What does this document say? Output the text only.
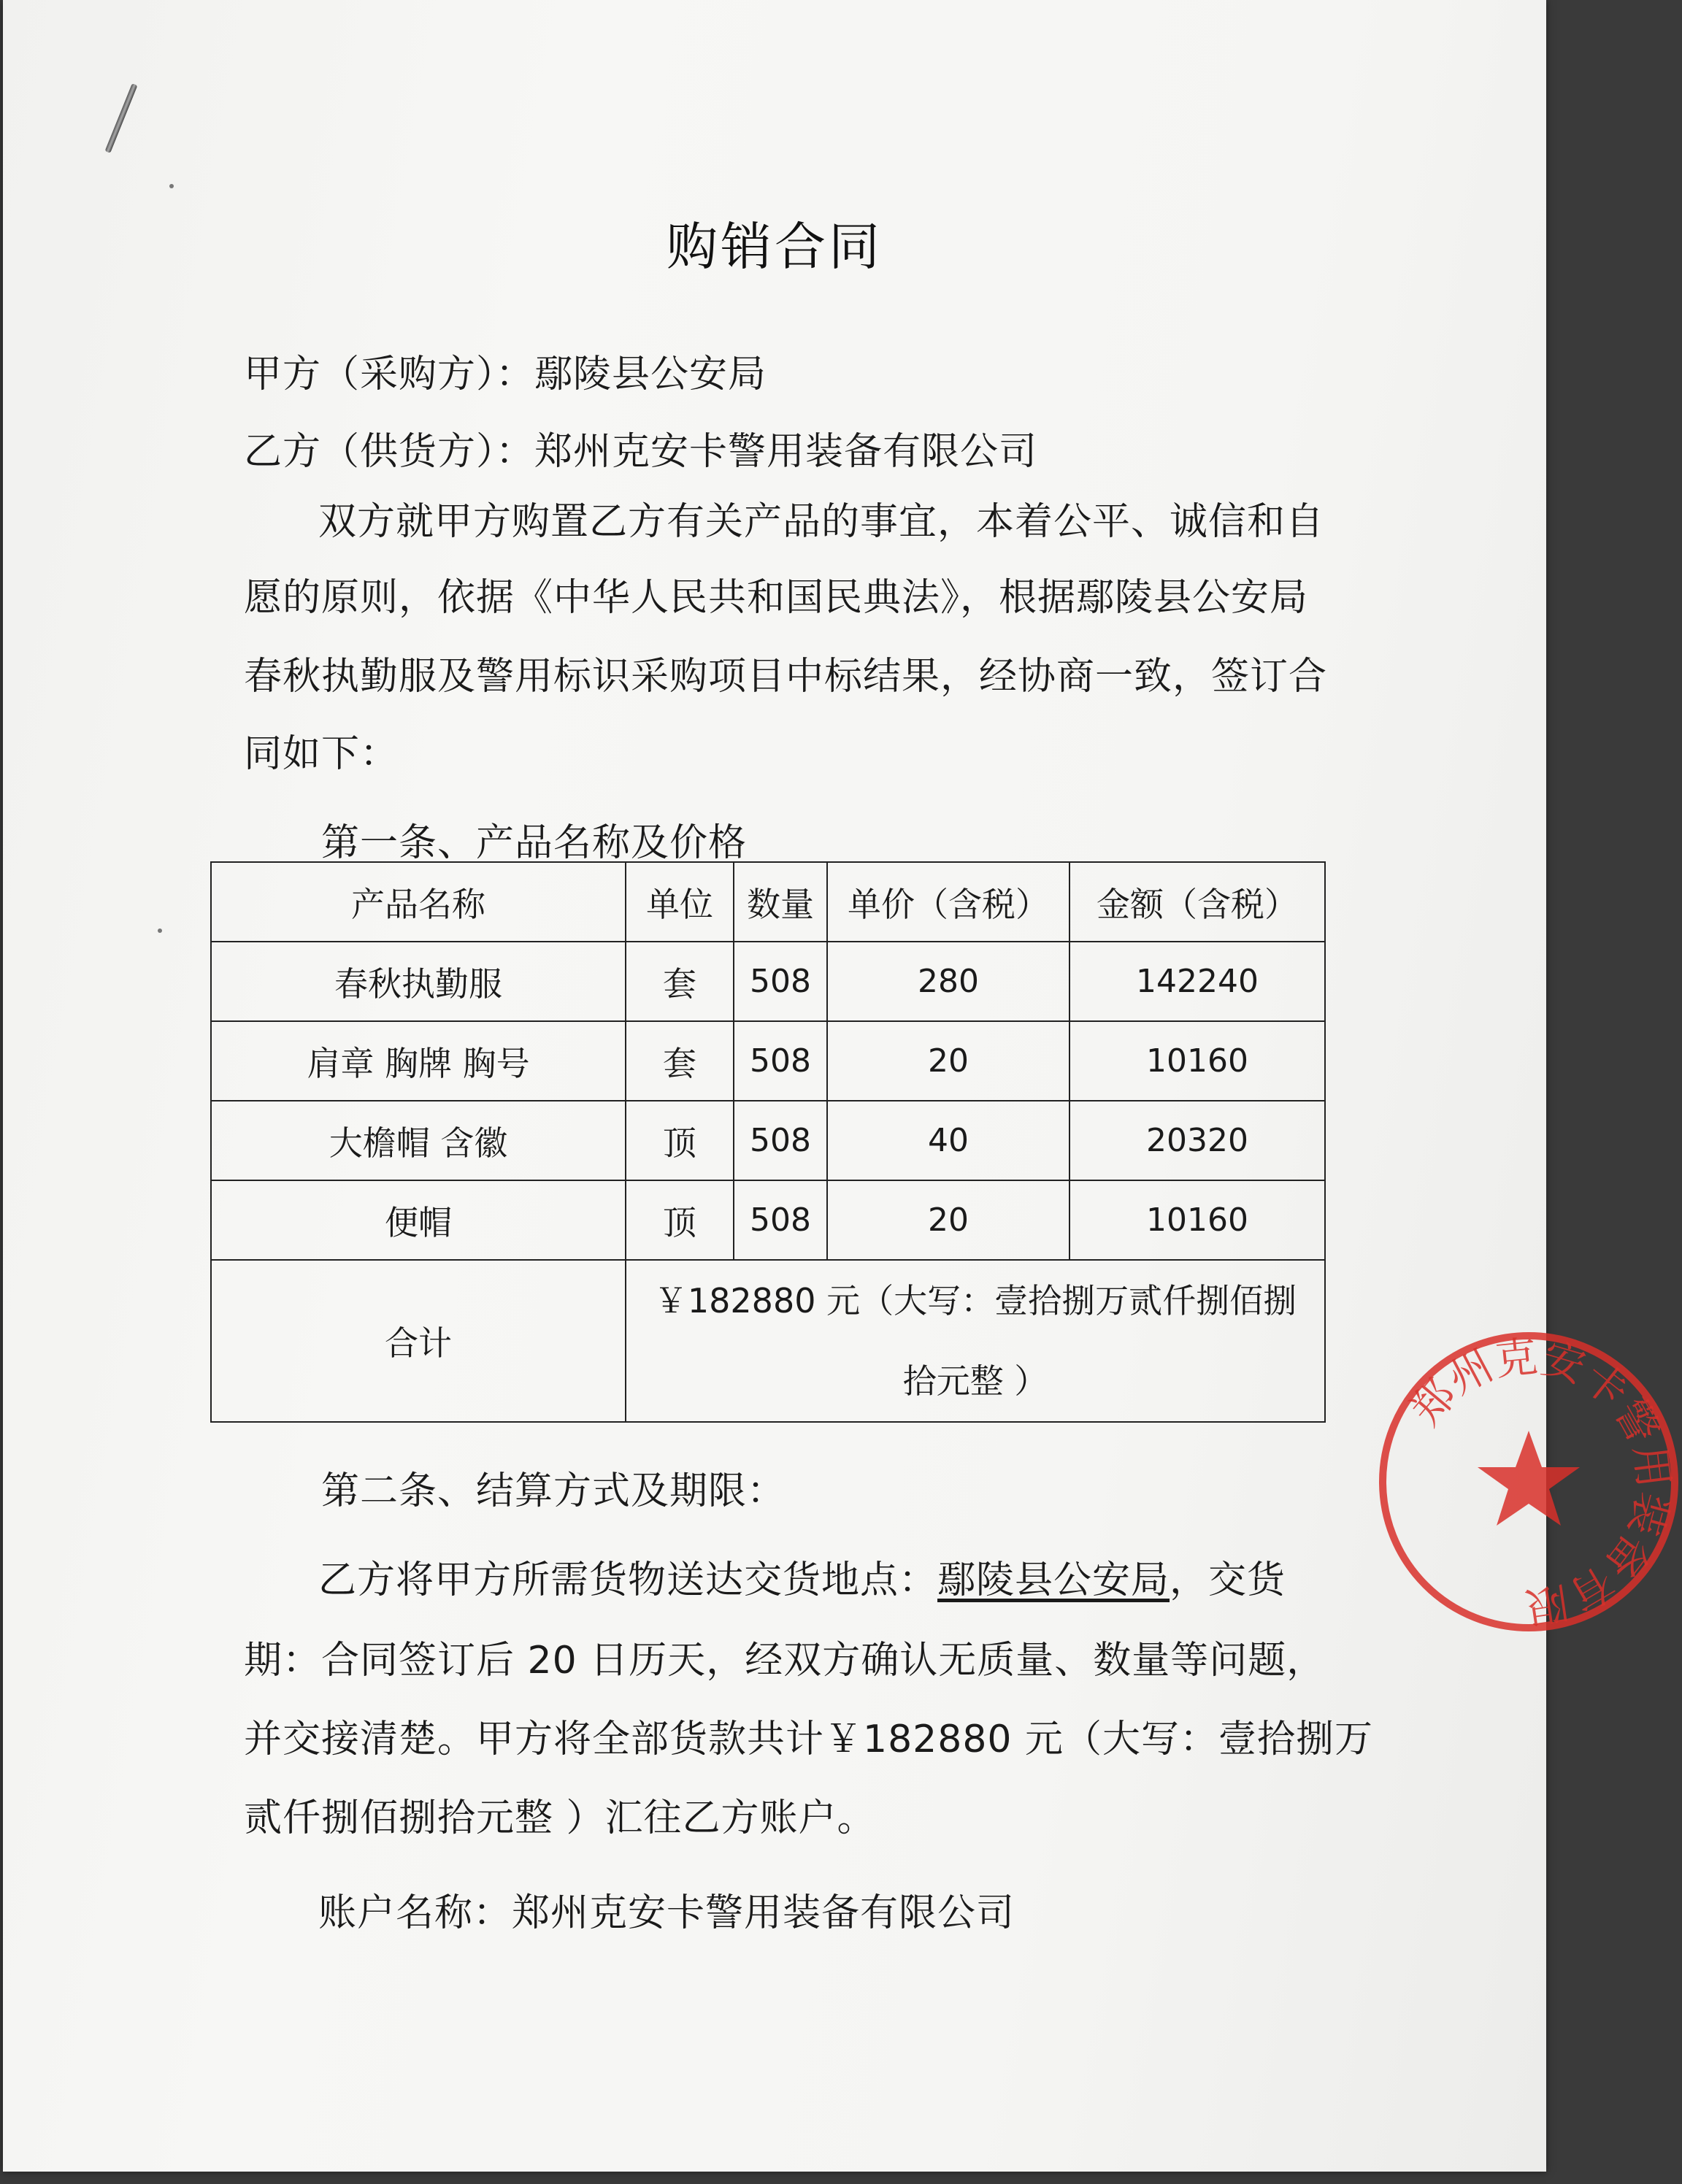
购销合同
甲方（采购方）：鄢陵县公安局
乙方（供货方）：郑州克安卡警用装备有限公司
双方就甲方购置乙方有关产品的事宜，本着公平、诚信和自
愿的原则，依据《中华人民共和国民典法》，根据鄢陵县公安局
春秋执勤服及警用标识采购项目中标结果，经协商一致，签订合
同如下：
第一条、产品名称及价格
产品名称	单位	数量	单价（含税）	金额（含税）
春秋执勤服	套	508	280	142240
肩章 胸牌 胸号	套	508	20	10160
大檐帽 含徽	顶	508	40	20320
便帽	顶	508	20	10160
合计	￥182880 元（大写：壹拾捌万贰仟捌佰捌
拾元整 ）			
第二条、结算方式及期限：
乙方将甲方所需货物送达交货地点：鄢陵县公安局，交货
期：合同签订后 20 日历天，经双方确认无质量、数量等问题，
并交接清楚。甲方将全部货款共计￥182880 元（大写：壹拾捌万
贰仟捌佰捌拾元整 ）汇往乙方账户。
账户名称：郑州克安卡警用装备有限公司
郑州克安卡警用装备有限
